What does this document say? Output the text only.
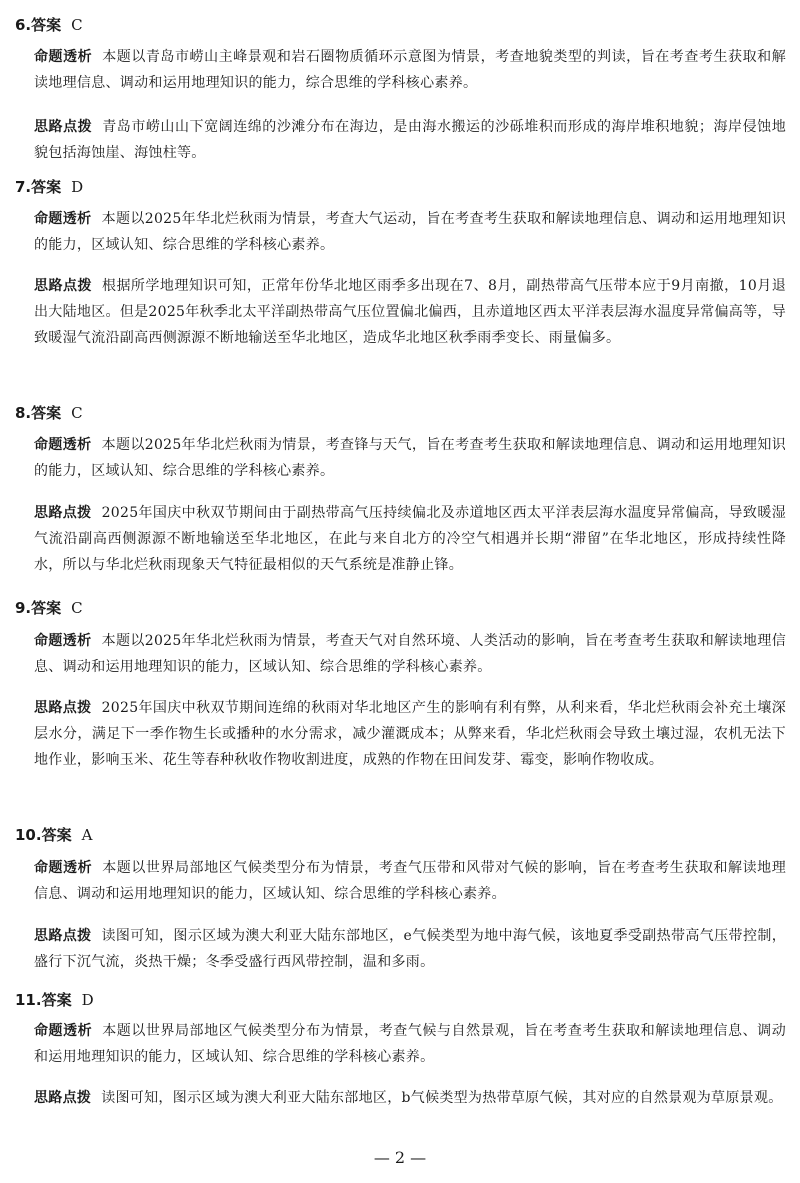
6.答案 C

命题透析 本题以青岛市崂山主峰景观和岩石圈物质循环示意图为情景，考查地貌类型的判读，旨在考查考生获取和解读地理信息、调动和运用地理知识的能力，综合思维的学科核心素养。

思路点拨 青岛市崂山山下宽阔连绵的沙滩分布在海边，是由海水搬运的沙砾堆积而形成的海岸堆积地貌；海岸侵蚀地貌包括海蚀崖、海蚀柱等。

7.答案 D

命题透析 本题以2025年华北烂秋雨为情景，考查大气运动，旨在考查考生获取和解读地理信息、调动和运用地理知识的能力，区域认知、综合思维的学科核心素养。

思路点拨 根据所学地理知识可知，正常年份华北地区雨季多出现在7、8月，副热带高气压带本应于9月南撤，10月退出大陆地区。但是2025年秋季北太平洋副热带高气压位置偏北偏西，且赤道地区西太平洋表层海水温度异常偏高等，导致暖湿气流沿副高西侧源源不断地输送至华北地区，造成华北地区秋季雨季变长、雨量偏多。

8.答案 C

命题透析 本题以2025年华北烂秋雨为情景，考查锋与天气，旨在考查考生获取和解读地理信息、调动和运用地理知识的能力，区域认知、综合思维的学科核心素养。

思路点拨 2025年国庆中秋双节期间由于副热带高气压持续偏北及赤道地区西太平洋表层海水温度异常偏高，导致暖湿气流沿副高西侧源源不断地输送至华北地区，在此与来自北方的冷空气相遇并长期“滞留”在华北地区，形成持续性降水，所以与华北烂秋雨现象天气特征最相似的天气系统是准静止锋。

9.答案 C

命题透析 本题以2025年华北烂秋雨为情景，考查天气对自然环境、人类活动的影响，旨在考查考生获取和解读地理信息、调动和运用地理知识的能力，区域认知、综合思维的学科核心素养。

思路点拨 2025年国庆中秋双节期间连绵的秋雨对华北地区产生的影响有利有弊，从利来看，华北烂秋雨会补充土壤深层水分，满足下一季作物生长或播种的水分需求，减少灌溉成本；从弊来看，华北烂秋雨会导致土壤过湿，农机无法下地作业，影响玉米、花生等春种秋收作物收割进度，成熟的作物在田间发芽、霉变，影响作物收成。

10.答案 A

命题透析 本题以世界局部地区气候类型分布为情景，考查气压带和风带对气候的影响，旨在考查考生获取和解读地理信息、调动和运用地理知识的能力，区域认知、综合思维的学科核心素养。

思路点拨 读图可知，图示区域为澳大利亚大陆东部地区，e气候类型为地中海气候，该地夏季受副热带高气压带控制，盛行下沉气流，炎热干燥；冬季受盛行西风带控制，温和多雨。

11.答案 D

命题透析 本题以世界局部地区气候类型分布为情景，考查气候与自然景观，旨在考查考生获取和解读地理信息、调动和运用地理知识的能力，区域认知、综合思维的学科核心素养。

思路点拨 读图可知，图示区域为澳大利亚大陆东部地区，b气候类型为热带草原气候，其对应的自然景观为草原景观。

— 2 —
